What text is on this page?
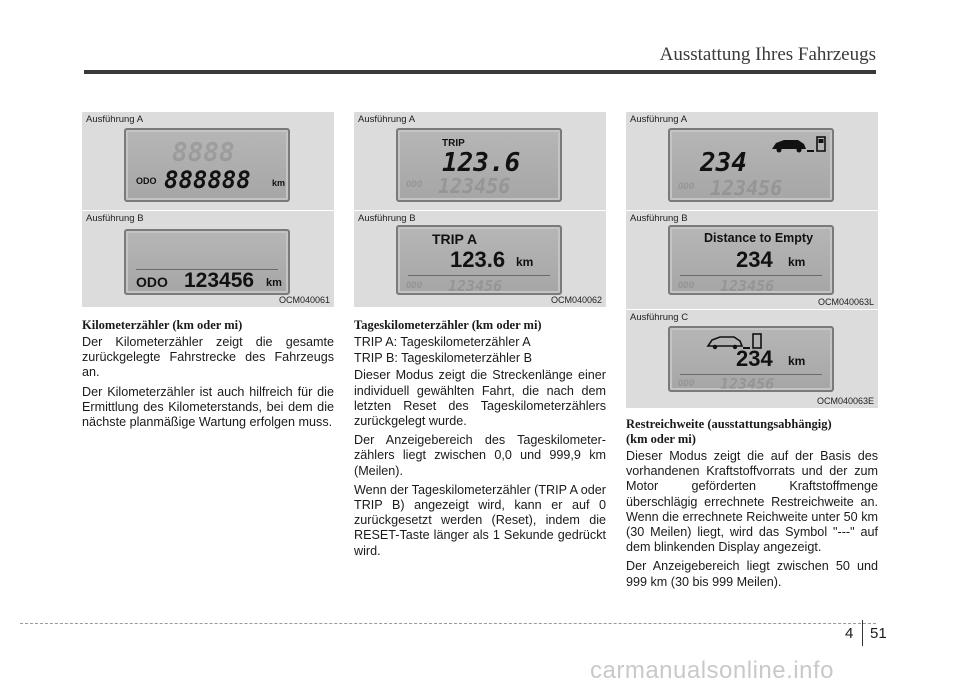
Ausstattung Ihres Fahrzeugs
Ausführung A
8888
ODO 888888 km
Ausführung B
ODO 123456 km
OCM040061
Kilometerzähler (km oder mi)

Der Kilometerzähler zeigt die gesamte zurückgelegte Fahrstrecke des Fahrzeugs an.

Der Kilometerzähler ist auch hilfreich für die Ermittlung des Kilometerstands, bei dem die nächste planmäßige Wartung erfolgen muss.

Ausführung A
TRIP
123.6
ODO 123456
Ausführung B
TRIP A
123.6 km
ODO 123456
OCM040062
Tageskilometerzähler (km oder mi)

TRIP A: Tageskilometerzähler A

TRIP B: Tageskilometerzähler B

Dieser Modus zeigt die Streckenlänge einer individuell gewählten Fahrt, die nach dem letzten Reset des Tageskilometerzählers zurückgelegt wurde.

Der Anzeigebereich des Tageskilometer-zählers liegt zwischen 0,0 und 999,9 km (Meilen).

Wenn der Tageskilometerzähler (TRIP A oder TRIP B) angezeigt wird, kann er auf 0 zurückgesetzt werden (Reset), indem die RESET-Taste länger als 1 Sekunde gedrückt wird.

Ausführung A
234
ODO 123456
Ausführung B
Distance to Empty
234 km
ODO 123456
OCM040063L
Ausführung C
234 km
ODO 123456
OCM040063E
Restreichweite (ausstattungsabhängig)
(km oder mi)

Dieser Modus zeigt die auf der Basis des vorhandenen Kraftstoffvorrats und der zum Motor geförderten Kraftstoffmenge überschlägig errechnete Restreichweite an. Wenn die errechnete Reichweite unter 50 km (30 Meilen) liegt, wird das Symbol "---" auf dem blinkenden Display angezeigt.

Der Anzeigebereich liegt zwischen 50 und 999 km (30 bis 999 Meilen).

4 51
carmanualsonline.info
